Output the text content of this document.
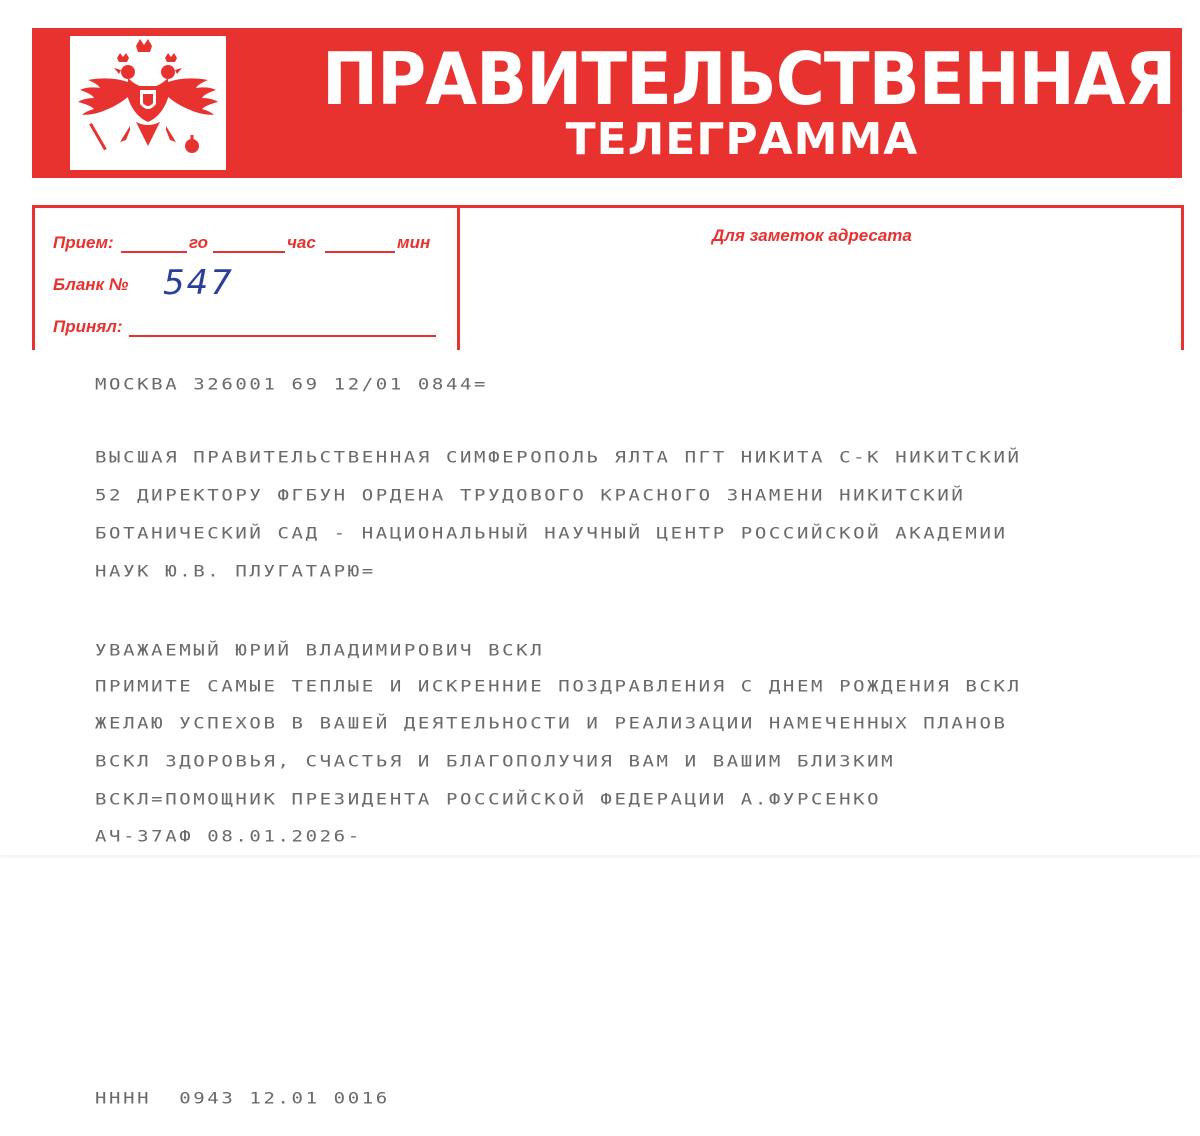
ПРАВИТЕЛЬСТВЕННАЯ
ТЕЛЕГРАММА
Прием:	го	час	мин
Бланк № 547
Принял:
Для заметок адресата

МОСКВА 326001 69 12/01 0844=

ВЫСШАЯ ПРАВИТЕЛЬСТВЕННАЯ СИМФЕРОПОЛЬ ЯЛТА ПГТ НИКИТА С-К НИКИТСКИЙ

52 ДИРЕКТОРУ ФГБУН ОРДЕНА ТРУДОВОГО КРАСНОГО ЗНАМЕНИ НИКИТСКИЙ

БОТАНИЧЕСКИЙ САД - НАЦИОНАЛЬНЫЙ НАУЧНЫЙ ЦЕНТР РОССИЙСКОЙ АКАДЕМИИ

НАУК Ю.В. ПЛУГАТАРЮ=

УВАЖАЕМЫЙ ЮРИЙ ВЛАДИМИРОВИЧ ВСКЛ

ПРИМИТЕ САМЫЕ ТЕПЛЫЕ И ИСКРЕННИЕ ПОЗДРАВЛЕНИЯ С ДНЕМ РОЖДЕНИЯ ВСКЛ

ЖЕЛАЮ УСПЕХОВ В ВАШЕЙ ДЕЯТЕЛЬНОСТИ И РЕАЛИЗАЦИИ НАМЕЧЕННЫХ ПЛАНОВ

ВСКЛ ЗДОРОВЬЯ, СЧАСТЬЯ И БЛАГОПОЛУЧИЯ ВАМ И ВАШИМ БЛИЗКИМ

ВСКЛ=ПОМОЩНИК ПРЕЗИДЕНТА РОССИЙСКОЙ ФЕДЕРАЦИИ А.ФУРСЕНКО

АЧ-37АФ 08.01.2026-

НННН  0943 12.01 0016
